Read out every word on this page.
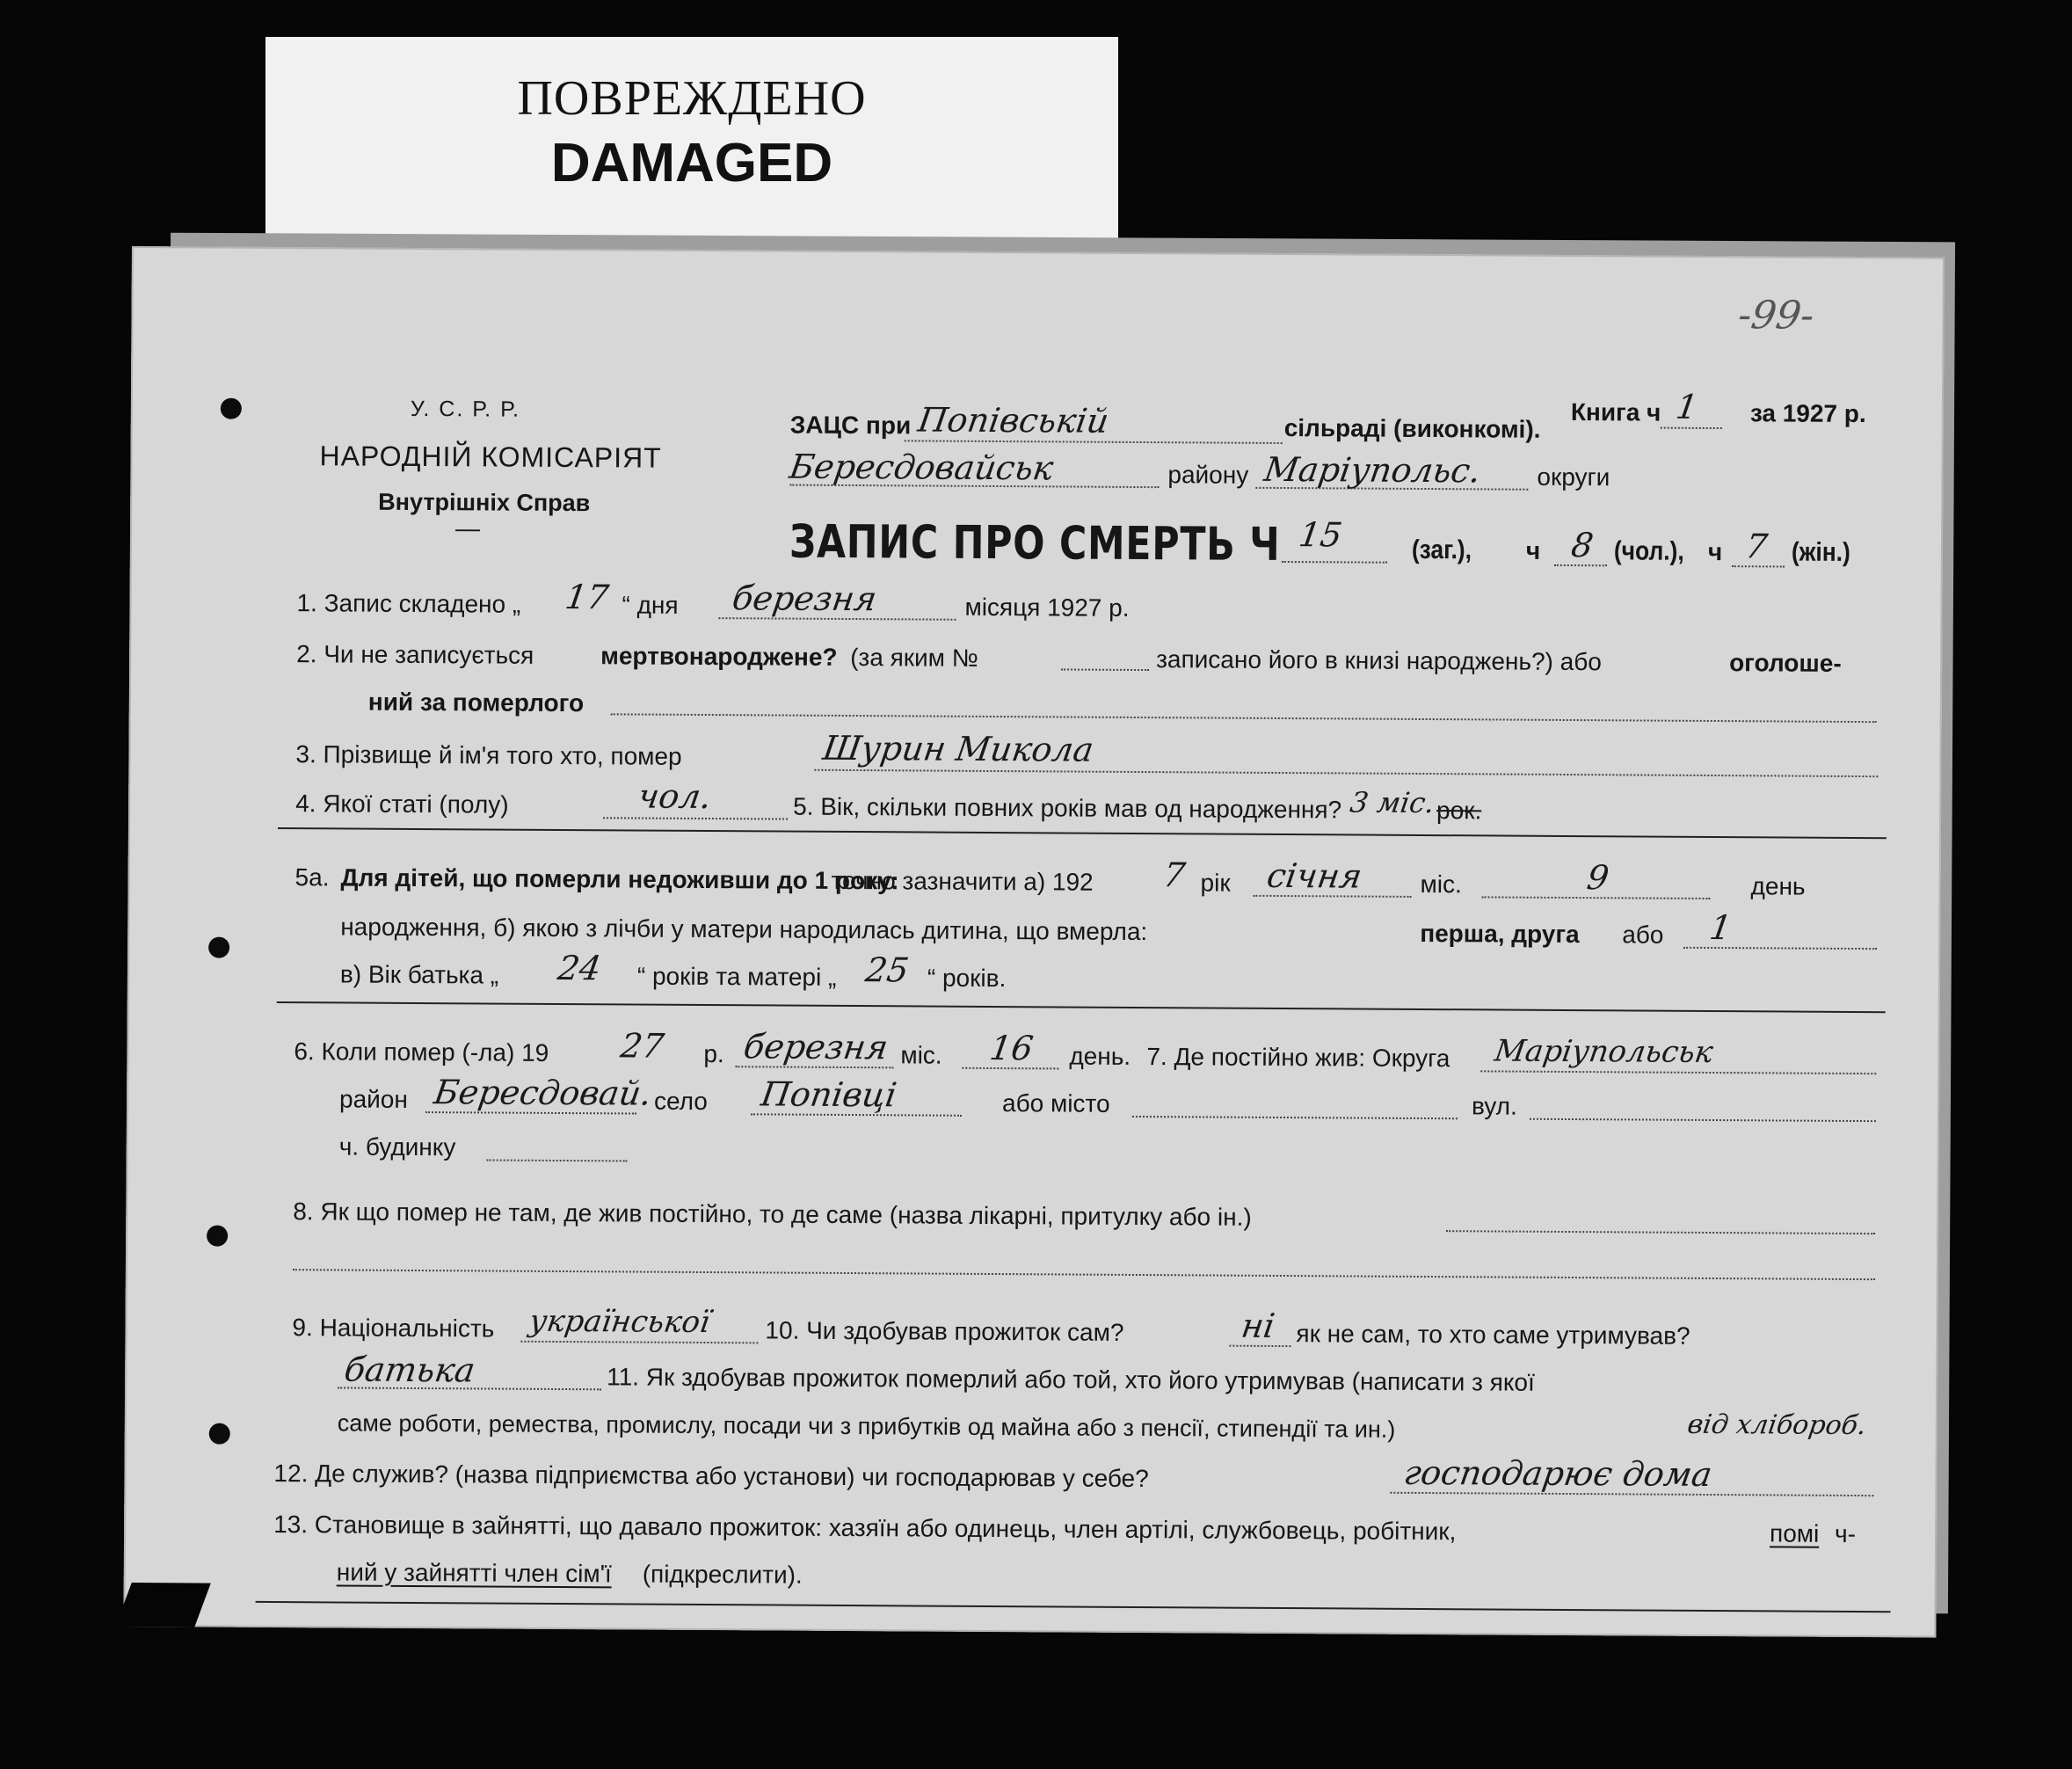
ПОВРЕЖДЕНО
DAMAGED
-99-
У. С. Р. Р.
НАРОДНІЙ КОМІСАРІЯТ
Внутрішніх Справ
—
ЗАЦС при Попівській	сільраді (виконкомі).
Книга ч 1 за 1927 р.
Бересдовайськ	району Маріупольс. округи
ЗАПИС ПРО СМЕРТЬ Ч 15	(заг.), ч 8 (чол.), ч 7 (жін.)
1. Запис складено „ 17 “ дня березня	місяця 1927 р.
2. Чи не записується	мертвонароджене? (за яким №	записано його в книзі народжень?) або	оголоше-
ний за померлого
3. Прізвище й ім'я того хто, помер	Шурин Микола
4. Якої статі (полу)	чол.	5. Вік, скільки повних років мав од народження? 3 міс. рок.
5а. Для дітей, що померли недоживши до 1 року:
точно зазначити а) 192 7 рік січня міс.	9	день
народження, б) якою з лічби у матери народилась дитина, що вмерла:	перша, друга або 1
в) Вік батька „ 24 “ років та матері „ 25 “ років.
6. Коли помер (-ла) 19 27 р. березня міс. 16 день. 7. Де постійно жив: Округа Маріупольськ
район Бересдовай. село Попівці	або місто	вул.
ч. будинку
8. Як що помер не там, де жив постійно, то де саме (назва лікарні, притулку або ін.)
9. Національність української 10. Чи здобував прожиток сам?	ні як не сам, то хто саме утримував?
батька	11. Як здобував прожиток померлий або той, хто його утримував (написати з якої
саме роботи, ремества, промислу, посади чи з прибутків од майна або з пенсії, стипендії та ин.)	від хлібороб.
12. Де служив? (назва підприємства або установи) чи господарював у себе?	господарює дома
13. Становище в зайнятті, що давало прожиток: хазяїн або одинець, член артілі, службовець, робітник,	помі ч-
ний у зайнятті член сім'ї (підкреслити).
